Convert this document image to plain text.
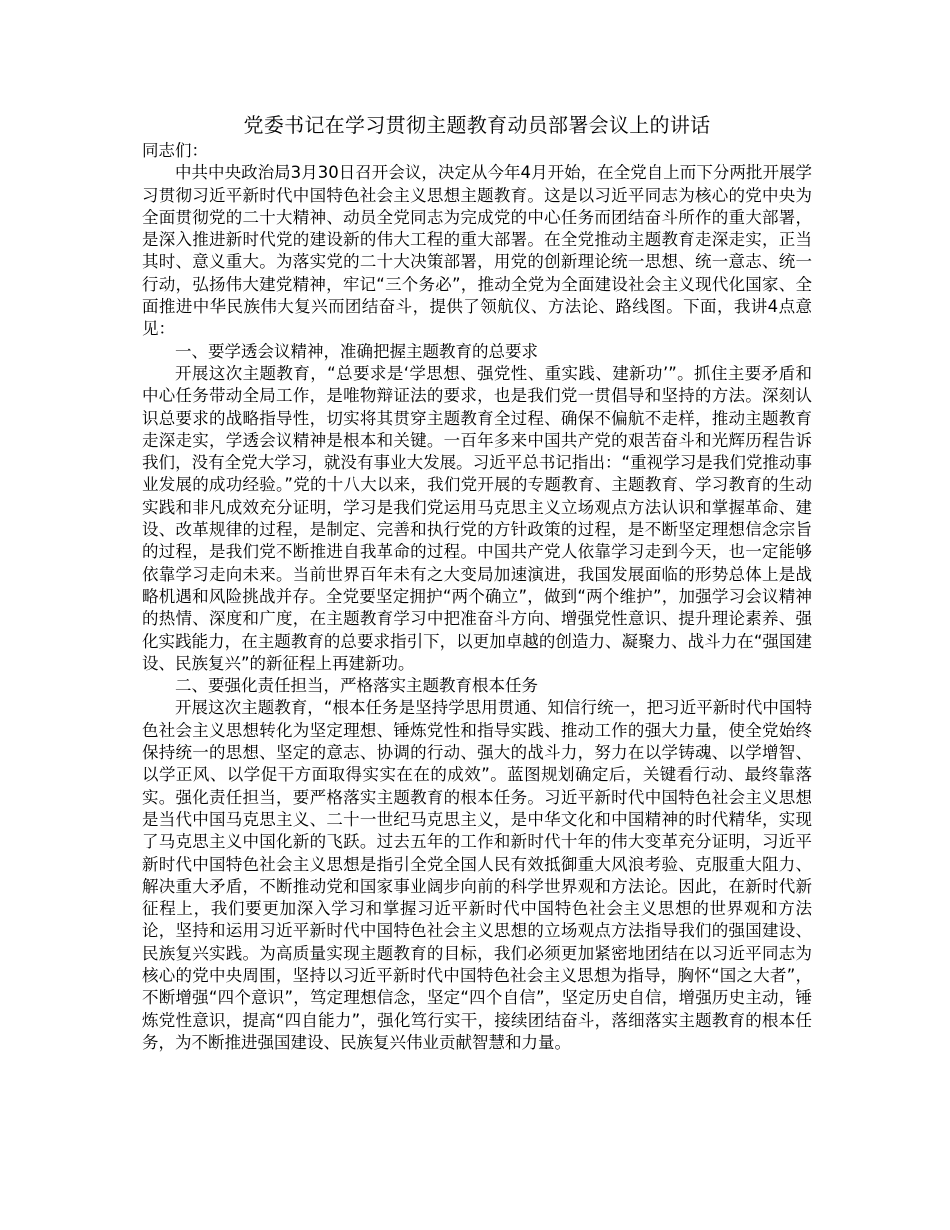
党委书记在学习贯彻主题教育动员部署会议上的讲话

同志们：

中共中央政治局3月30日召开会议，决定从今年4月开始，在全党自上而下分两批开展学习贯彻习近平新时代中国特色社会主义思想主题教育。这是以习近平同志为核心的党中央为全面贯彻党的二十大精神、动员全党同志为完成党的中心任务而团结奋斗所作的重大部署，是深入推进新时代党的建设新的伟大工程的重大部署。在全党推动主题教育走深走实，正当其时、意义重大。为落实党的二十大决策部署，用党的创新理论统一思想、统一意志、统一行动，弘扬伟大建党精神，牢记“三个务必”，推动全党为全面建设社会主义现代化国家、全面推进中华民族伟大复兴而团结奋斗，提供了领航仪、方法论、路线图。下面，我讲4点意见：

一、要学透会议精神，准确把握主题教育的总要求

开展这次主题教育，“总要求是‘学思想、强党性、重实践、建新功’”。抓住主要矛盾和中心任务带动全局工作，是唯物辩证法的要求，也是我们党一贯倡导和坚持的方法。深刻认识总要求的战略指导性，切实将其贯穿主题教育全过程、确保不偏航不走样，推动主题教育走深走实，学透会议精神是根本和关键。一百年多来中国共产党的艰苦奋斗和光辉历程告诉我们，没有全党大学习，就没有事业大发展。习近平总书记指出：“重视学习是我们党推动事业发展的成功经验。”党的十八大以来，我们党开展的专题教育、主题教育、学习教育的生动实践和非凡成效充分证明，学习是我们党运用马克思主义立场观点方法认识和掌握革命、建设、改革规律的过程，是制定、完善和执行党的方针政策的过程，是不断坚定理想信念宗旨的过程，是我们党不断推进自我革命的过程。中国共产党人依靠学习走到今天，也一定能够依靠学习走向未来。当前世界百年未有之大变局加速演进，我国发展面临的形势总体上是战略机遇和风险挑战并存。全党要坚定拥护“两个确立”，做到“两个维护”，加强学习会议精神的热情、深度和广度，在主题教育学习中把准奋斗方向、增强党性意识、提升理论素养、强化实践能力，在主题教育的总要求指引下，以更加卓越的创造力、凝聚力、战斗力在“强国建设、民族复兴”的新征程上再建新功。

二、要强化责任担当，严格落实主题教育根本任务

开展这次主题教育，“根本任务是坚持学思用贯通、知信行统一，把习近平新时代中国特色社会主义思想转化为坚定理想、锤炼党性和指导实践、推动工作的强大力量，使全党始终保持统一的思想、坚定的意志、协调的行动、强大的战斗力，努力在以学铸魂、以学增智、以学正风、以学促干方面取得实实在在的成效”。蓝图规划确定后，关键看行动、最终靠落实。强化责任担当，要严格落实主题教育的根本任务。习近平新时代中国特色社会主义思想是当代中国马克思主义、二十一世纪马克思主义，是中华文化和中国精神的时代精华，实现了马克思主义中国化新的飞跃。过去五年的工作和新时代十年的伟大变革充分证明，习近平新时代中国特色社会主义思想是指引全党全国人民有效抵御重大风浪考验、克服重大阻力、解决重大矛盾，不断推动党和国家事业阔步向前的科学世界观和方法论。因此，在新时代新征程上，我们要更加深入学习和掌握习近平新时代中国特色社会主义思想的世界观和方法论，坚持和运用习近平新时代中国特色社会主义思想的立场观点方法指导我们的强国建设、民族复兴实践。为高质量实现主题教育的目标，我们必须更加紧密地团结在以习近平同志为核心的党中央周围，坚持以习近平新时代中国特色社会主义思想为指导，胸怀“国之大者”，不断增强“四个意识”，笃定理想信念，坚定“四个自信”，坚定历史自信，增强历史主动，锤炼党性意识，提高“四自能力”，强化笃行实干，接续团结奋斗，落细落实主题教育的根本任务，为不断推进强国建设、民族复兴伟业贡献智慧和力量。
